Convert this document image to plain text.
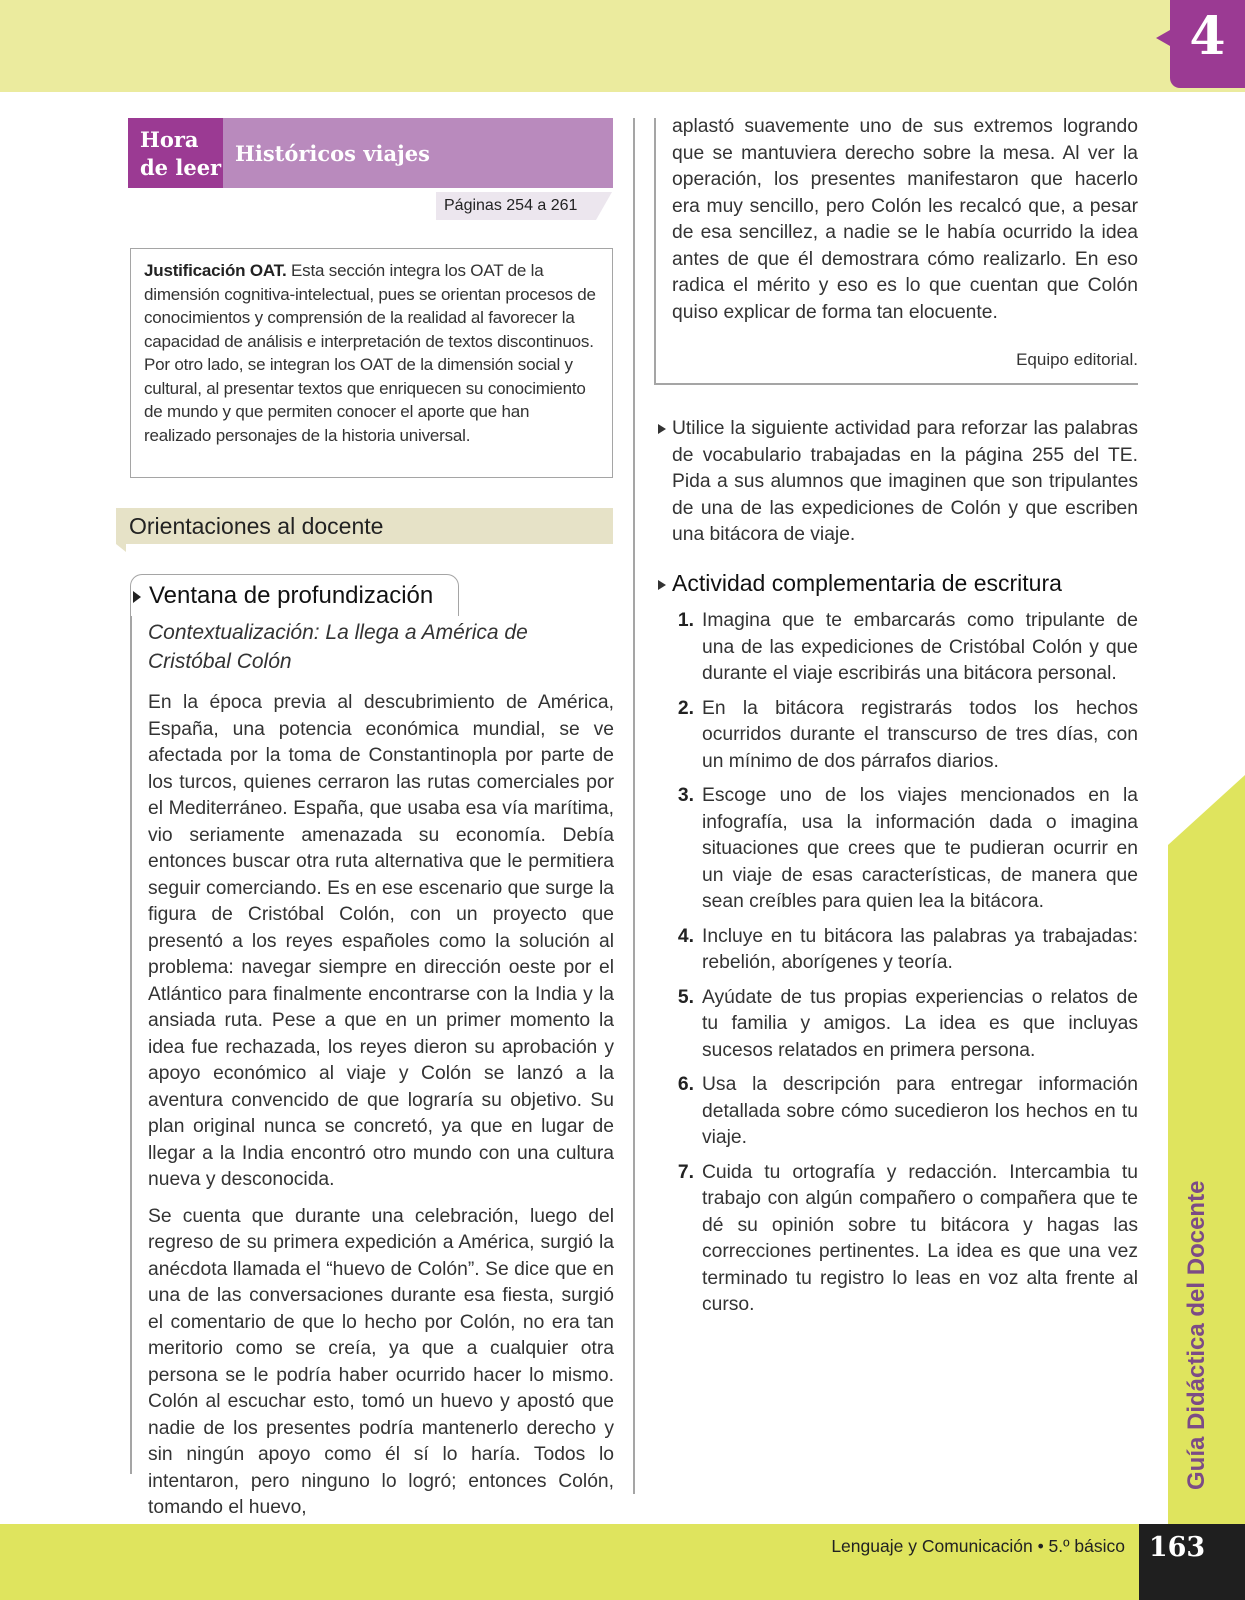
4
Hora
de leer
Históricos viajes
Páginas 254 a 261
Justificación OAT. Esta sección integra los OAT de la dimensión cognitiva-intelectual, pues se orientan procesos de conocimientos y comprensión de la realidad al favorecer la capacidad de análisis e interpretación de textos discontinuos. Por otro lado, se integran los OAT de la dimensión social y cultural, al presentar textos que enriquecen su conocimiento de mundo y que permiten conocer el aporte que han realizado personajes de la historia universal.
Orientaciones al docente
Ventana de profundización
Contextualización: La llega a América de Cristóbal Colón

En la época previa al descubrimiento de América, España, una potencia económica mundial, se ve afectada por la toma de Constantinopla por parte de los turcos, quienes cerraron las rutas comerciales por el Mediterráneo. España, que usaba esa vía marítima, vio seriamente amenazada su economía. Debía entonces buscar otra ruta alternativa que le permitiera seguir comerciando. Es en ese escenario que surge la figura de Cristóbal Colón, con un proyecto que presentó a los reyes españoles como la solución al problema: navegar siempre en dirección oeste por el Atlántico para finalmente encontrarse con la India y la ansiada ruta. Pese a que en un primer momento la idea fue rechazada, los reyes dieron su aprobación y apoyo económico al viaje y Colón se lanzó a la aventura convencido de que lograría su objetivo. Su plan original nunca se concretó, ya que en lugar de llegar a la India encontró otro mundo con una cultura nueva y desconocida.

Se cuenta que durante una celebración, luego del regreso de su primera expedición a América, surgió la anécdota llamada el “huevo de Colón”. Se dice que en una de las conversaciones durante esa fiesta, surgió el comentario de que lo hecho por Colón, no era tan meritorio como se creía, ya que a cualquier otra persona se le podría haber ocurrido hacer lo mismo. Colón al escuchar esto, tomó un huevo y apostó que nadie de los presentes podría mantenerlo derecho y sin ningún apoyo como él sí lo haría. Todos lo intentaron, pero ninguno lo logró; entonces Colón, tomando el huevo,

aplastó suavemente uno de sus extremos logrando que se mantuviera derecho sobre la mesa. Al ver la operación, los presentes manifestaron que hacerlo era muy sencillo, pero Colón les recalcó que, a pesar de esa sencillez, a nadie se le había ocurrido la idea antes de que él demostrara cómo realizarlo. En eso radica el mérito y eso es lo que cuentan que Colón quiso explicar de forma tan elocuente.

Equipo editorial.
Utilice la siguiente actividad para reforzar las palabras de vocabulario trabajadas en la página 255 del TE. Pida a sus alumnos que imaginen que son tripulantes de una de las expediciones de Colón y que escriben una bitácora de viaje.
Actividad complementaria de escritura
1. Imagina que te embarcarás como tripulante de una de las expediciones de Cristóbal Colón y que durante el viaje escribirás una bitácora personal.
2. En la bitácora registrarás todos los hechos ocurridos durante el transcurso de tres días, con un mínimo de dos párrafos diarios.
3. Escoge uno de los viajes mencionados en la infografía, usa la información dada o imagina situaciones que crees que te pudieran ocurrir en un viaje de esas características, de manera que sean creíbles para quien lea la bitácora.
4. Incluye en tu bitácora las palabras ya trabajadas: rebelión, aborígenes y teoría.
5. Ayúdate de tus propias experiencias o relatos de tu familia y amigos. La idea es que incluyas sucesos relatados en primera persona.
6. Usa la descripción para entregar información detallada sobre cómo sucedieron los hechos en tu viaje.
7. Cuida tu ortografía y redacción. Intercambia tu trabajo con algún compañero o compañera que te dé su opinión sobre tu bitácora y hagas las correcciones pertinentes. La idea es que una vez terminado tu registro lo leas en voz alta frente al curso.	Guía Didáctica del Docente
Lenguaje y Comunicación • 5.º básico 163
